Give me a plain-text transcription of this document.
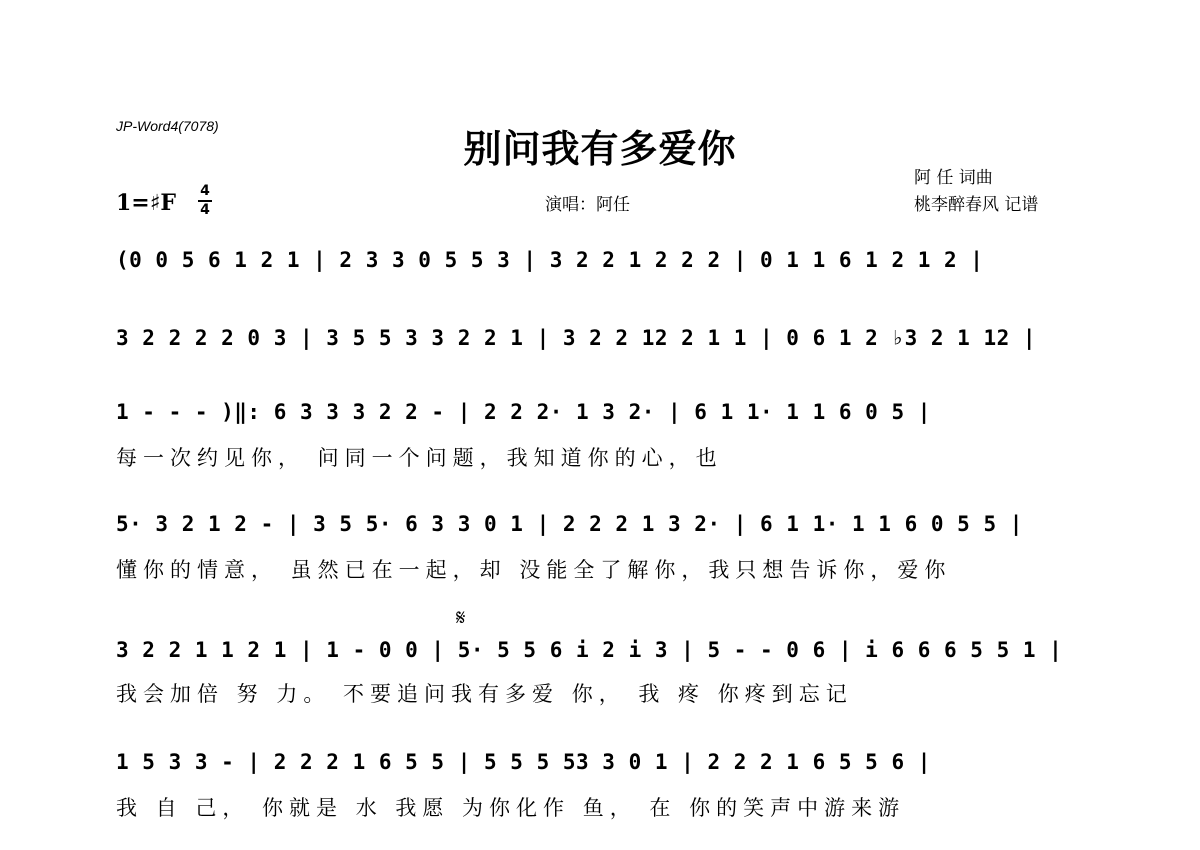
JP-Word4(7078)	别问我有多爱你
1=♯F 4
4	演唱：阿任
阿 任 词曲
桃李醉春风 记谱
(0 0 5 6 1 2 1 | 2 3 3 0 5 5 3 | 3 2 2 1 2 2 2 | 0 1 1 6 1 2 1 2 |
3 2 2 2 2 0 3 | 3 5 5 3 3 2 2 1 | 3 2 2 12 2 1 1 | 0 6 1 2 ♭3 2 1 12 |
1 - - - )‖: 6 3 3 3 2 2 - | 2 2 2· 1 3 2· | 6 1 1· 1 1 6 0 5 |
每一次约见你， 问同一个问题，我知道你的心，也
5· 3 2 1 2 - | 3 5 5· 6 3 3 0 1 | 2 2 2 1 3 2· | 6 1 1· 1 1 6 0 5 5 |
懂你的情意， 虽然已在一起，却 没能全了解你，我只想告诉你，爱你
𝄋
3 2 2 1 1 2 1 | 1 - 0 0 | 5· 5 5 6 i 2 i 3 | 5 - - 0 6 | i 6 6 6 5 5 1 |
我会加倍 努 力。 不要追问我有多爱 你， 我 疼 你疼到忘记
1 5 3 3 - | 2 2 2 1 6 5 5 | 5 5 5 53 3 0 1 | 2 2 2 1 6 5 5 6 |
我 自 己， 你就是 水 我愿 为你化作 鱼， 在 你的笑声中游来游
